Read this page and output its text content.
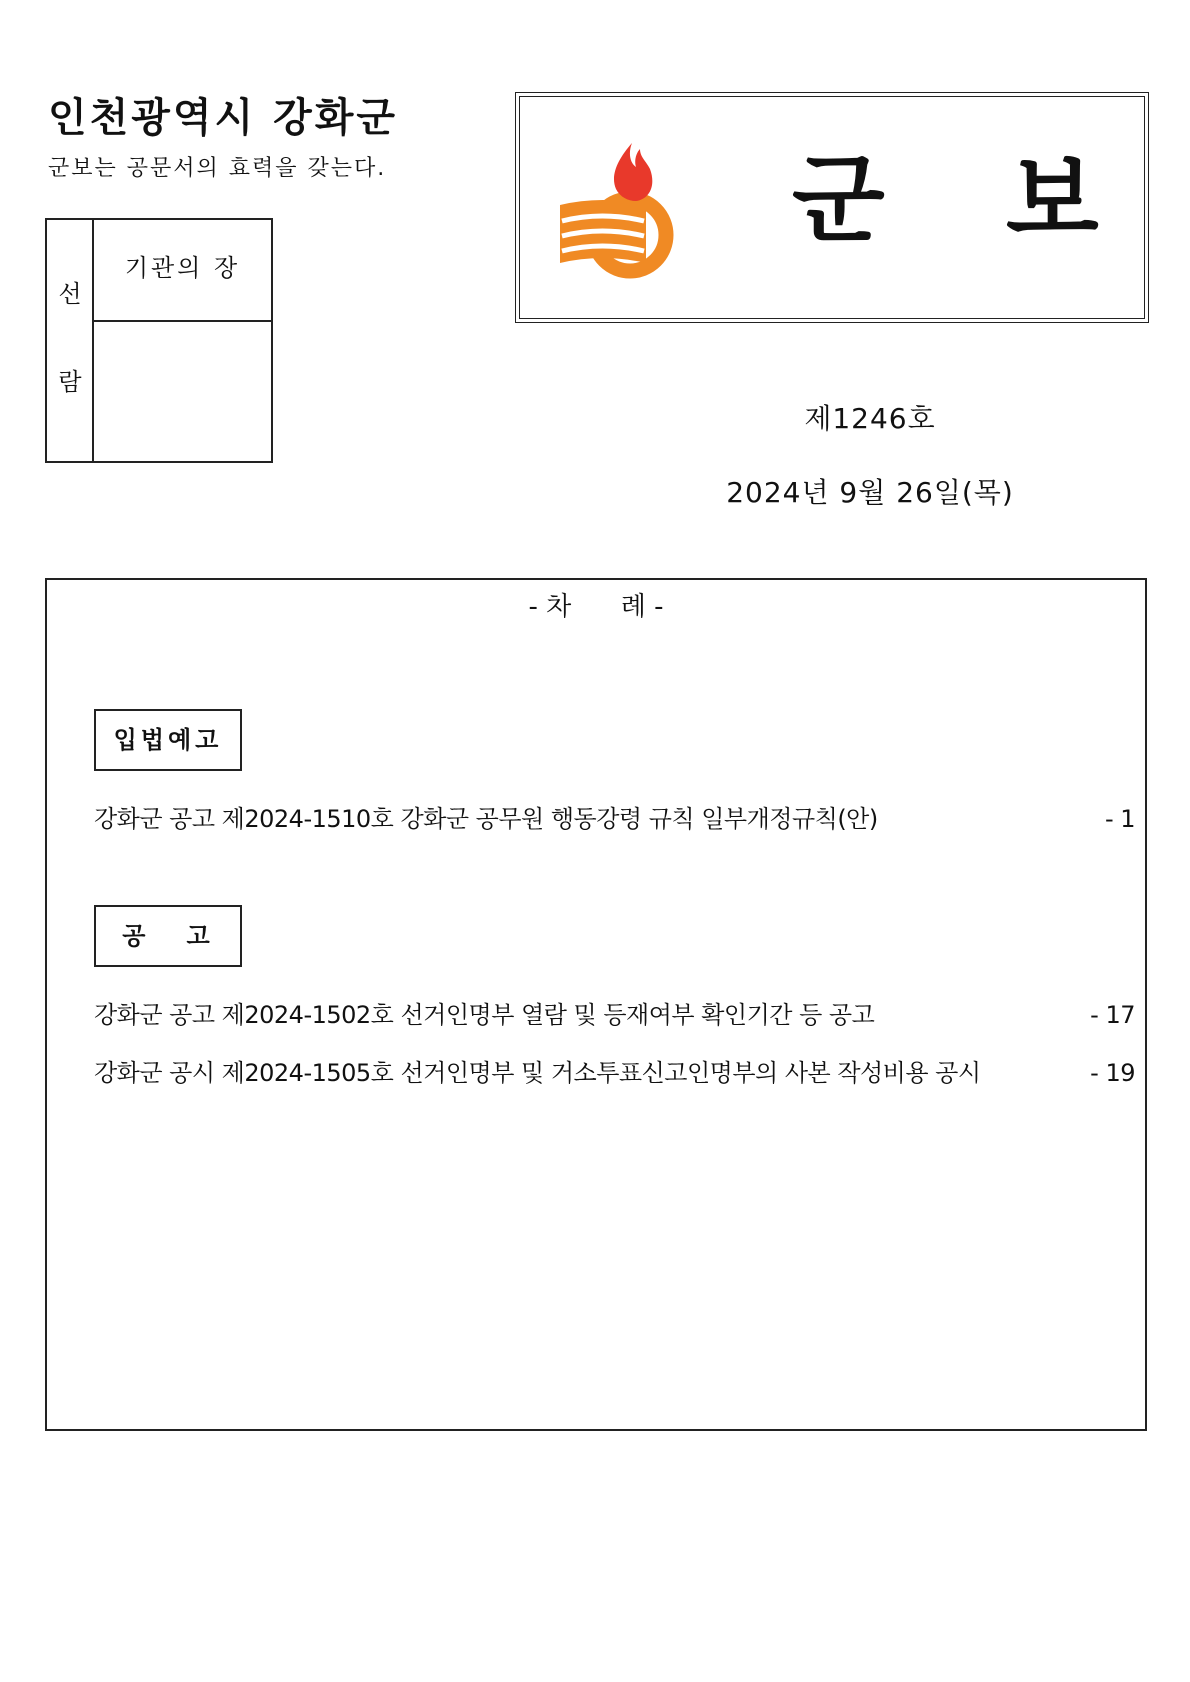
인천광역시 강화군
군보는 공문서의 효력을 갖는다.
선
람
기관의 장
군 보
제1246호
2024년 9월 26일(목)
- 차      례 -
입법예고
강화군 공고 제2024-1510호 강화군 공무원 행동강령 규칙 일부개정규칙(안)	- 1
공   고
강화군 공고 제2024-1502호 선거인명부 열람 및 등재여부 확인기간 등 공고	- 17
강화군 공시 제2024-1505호 선거인명부 및 거소투표신고인명부의 사본 작성비용 공시	- 19
